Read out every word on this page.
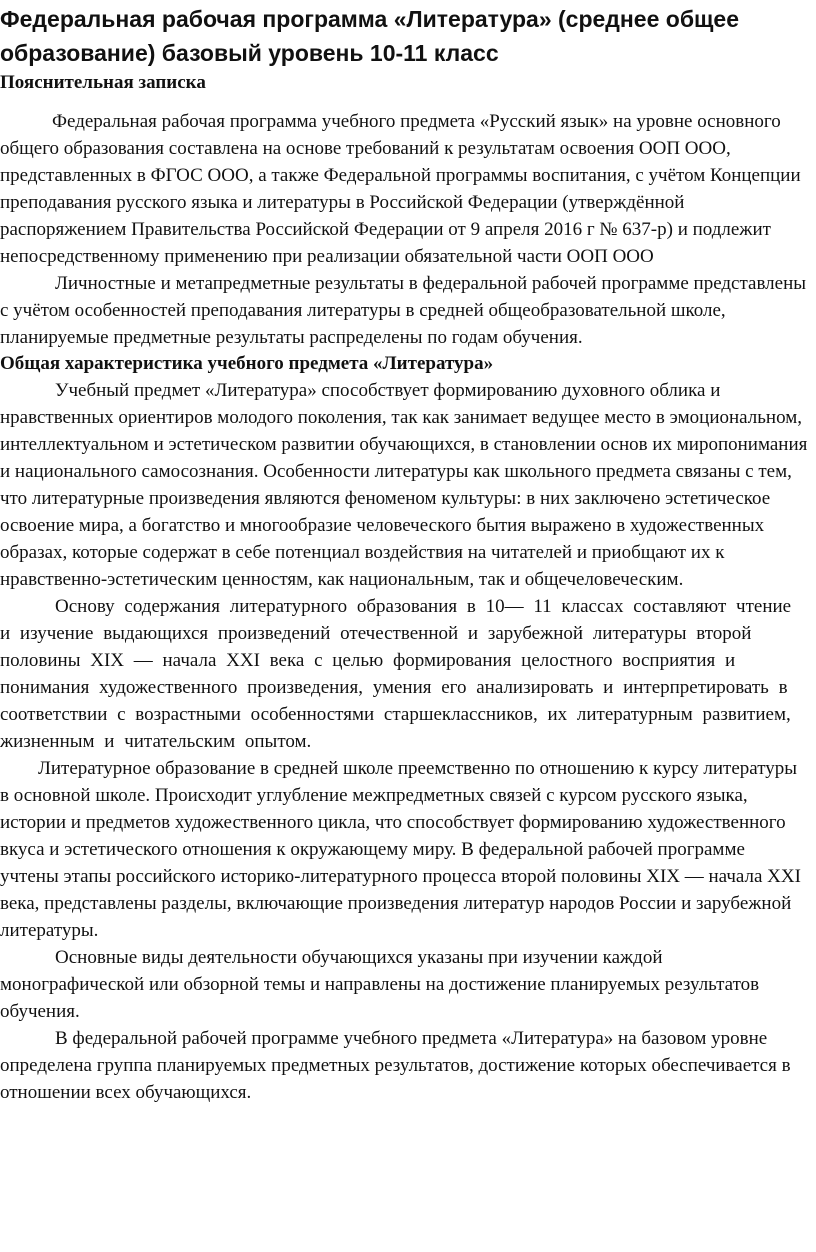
Федеральная рабочая программа «Литература» (среднее общее образование) базовый уровень 10-11 класс
Пояснительная записка

Федеральная рабочая программа учебного предмета «Русский язык» на уровне основного общего образования составлена на основе требований к результатам освоения ООП ООО, представленных в ФГОС ООО, а также Федеральной программы воспитания, с учётом Концепции преподавания русского языка и литературы в Российской Федерации (утверждённой распоряжением Правительства Российской Федерации от 9 апреля 2016 г № 637-р) и подлежит непосредственному применению при реализации обязательной части ООП ООО

Личностные и метапредметные результаты в федеральной рабочей программе представлены с учётом особенностей преподавания литературы в средней общеобразовательной школе, планируемые предметные результаты распределены по годам обучения.

Общая характеристика учебного предмета «Литература»

Учебный предмет «Литература» способствует формированию духовного облика и нравственных ориентиров молодого поколения, так как занимает ведущее место в эмоциональном, интеллектуальном и эстетическом развитии обучающихся, в становлении основ их миропонимания и национального самосознания. Особенности литературы как школьного предмета связаны с тем, что литературные произведения являются феноменом культуры: в них заключено эстетическое освоение мира, а богатство и многообразие человеческого бытия выражено в художественных образах, которые содержат в себе потенциал воздействия на читателей и приобщают их к нравственно-эстетическим ценностям, как национальным, так и общечеловеческим.

Основу содержания литературного образования в 10— 11 классах составляют чтение и изучение выдающихся произведений отечественной и зарубежной литературы второй половины XIX — начала XXI века с целью формирования целостного восприятия и понимания художественного произведения, умения его анализировать и интерпретировать в соответствии с возрастными особенностями старшеклассников, их литературным развитием, жизненным и читательским опытом.

Литературное образование в средней школе преемственно по отношению к курсу литературы в основной школе. Происходит углубление межпредметных связей с курсом русского языка, истории и предметов художественного цикла, что способствует формированию художественного вкуса и эстетического отношения к окружающему миру. В федеральной рабочей программе учтены этапы российского историко-литературного процесса второй половины XIX — начала XXI века, представлены разделы, включающие произведения литератур народов России и зарубежной литературы.

Основные виды деятельности обучающихся указаны при изучении каждой монографической или обзорной темы и направлены на достижение планируемых результатов обучения.

В федеральной рабочей программе учебного предмета «Литература» на базовом уровне определена группа планируемых предметных результатов, достижение которых обеспечивается в отношении всех обучающихся.
